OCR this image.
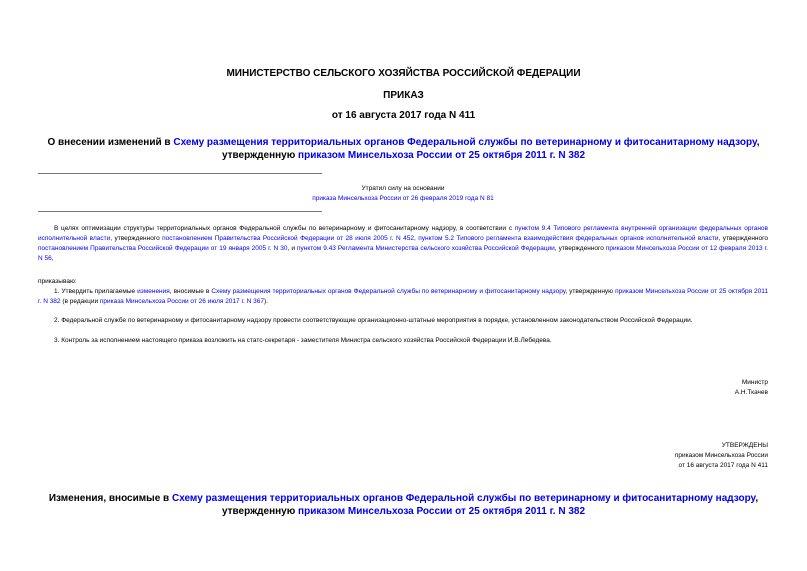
МИНИСТЕРСТВО СЕЛЬСКОГО ХОЗЯЙСТВА РОССИЙСКОЙ ФЕДЕРАЦИИ
ПРИКАЗ
от 16 августа 2017 года N 411
О внесении изменений в Схему размещения территориальных органов Федеральной службы по ветеринарному и фитосанитарному надзору, утвержденную приказом Минсельхоза России от 25 октября 2011 г. N 382
Утратил силу на основании
приказа Минсельхоза России от 26 февраля 2019 года N 81
В целях оптимизации структуры территориальных органов Федеральной службы по ветеринарному и фитосанитарному надзору, в соответствии с пунктом 9.4 Типового регламента внутренней организации федеральных органов исполнительной власти, утвержденного постановлением Правительства Российской Федерации от 28 июля 2005 г. N 452, пунктом 5.2 Типового регламента взаимодействия федеральных органов исполнительной власти, утвержденного постановлением Правительства Российской Федерации от 19 января 2005 г. N 30, и пунктом 9.43 Регламента Министерства сельского хозяйства Российской Федерации, утвержденного приказом Минсельхоза России от 12 февраля 2013 г. N 56,
приказываю:
1. Утвердить прилагаемые изменения, вносимые в Схему размещения территориальных органов Федеральной службы по ветеринарному и фитосанитарному надзору, утвержденную приказом Минсельхоза России от 25 октября 2011 г. N 382 (в редакции приказа Минсельхоза России от 26 июля 2017 г. N 367).
2. Федеральной службе по ветеринарному и фитосанитарному надзору провести соответствующие организационно-штатные мероприятия в порядке, установленном законодательством Российской Федерации.
3. Контроль за исполнением настоящего приказа возложить на статс-секретаря - заместителя Министра сельского хозяйства Российской Федерации И.В.Лебедева.
Министр
А.Н.Ткачев
УТВЕРЖДЕНЫ
приказом Минсельхоза России
от 16 августа 2017 года N 411
Изменения, вносимые в Схему размещения территориальных органов Федеральной службы по ветеринарному и фитосанитарному надзору, утвержденную приказом Минсельхоза России от 25 октября 2011 г. N 382
